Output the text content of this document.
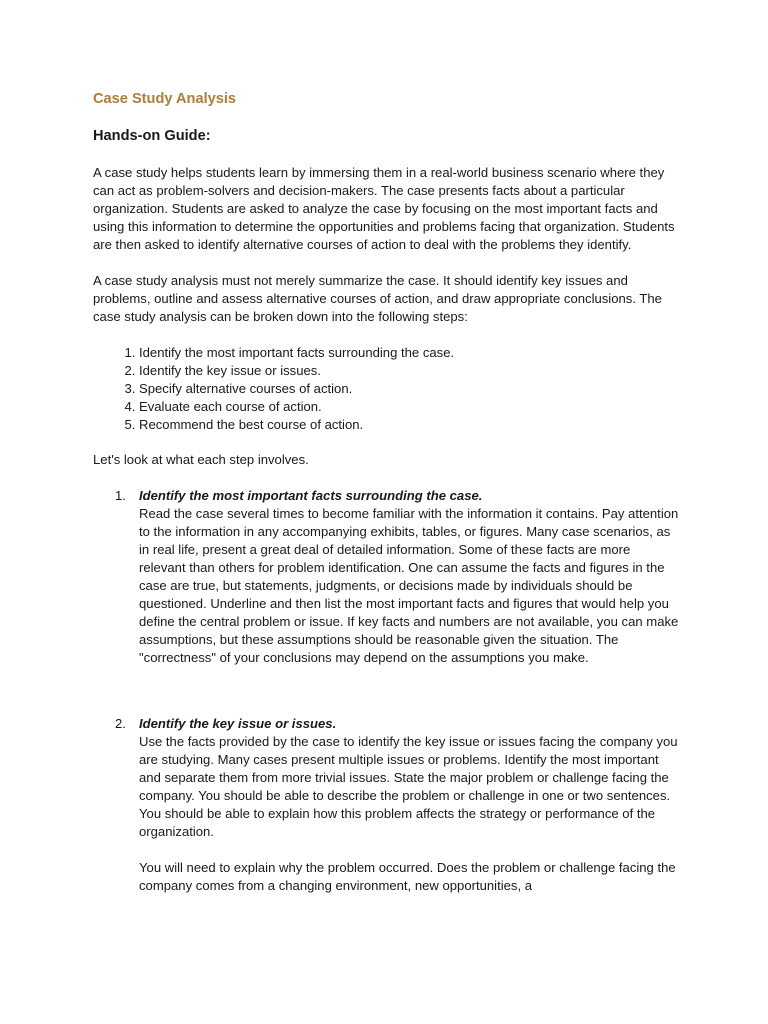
Case Study Analysis
Hands-on Guide:

A case study helps students learn by immersing them in a real-world business scenario where they can act as problem-solvers and decision-makers. The case presents facts about a particular organization. Students are asked to analyze the case by focusing on the most important facts and using this information to determine the opportunities and problems facing that organization. Students are then asked to identify alternative courses of action to deal with the problems they identify.

A case study analysis must not merely summarize the case. It should identify key issues and problems, outline and assess alternative courses of action, and draw appropriate conclusions. The case study analysis can be broken down into the following steps:

1. Identify the most important facts surrounding the case.
2. Identify the key issue or issues.
3. Specify alternative courses of action.
4. Evaluate each course of action.
5. Recommend the best course of action.

Let's look at what each step involves.

1. Identify the most important facts surrounding the case.

Read the case several times to become familiar with the information it contains. Pay attention to the information in any accompanying exhibits, tables, or figures. Many case scenarios, as in real life, present a great deal of detailed information. Some of these facts are more relevant than others for problem identification. One can assume the facts and figures in the case are true, but statements, judgments, or decisions made by individuals should be questioned. Underline and then list the most important facts and figures that would help you define the central problem or issue. If key facts and numbers are not available, you can make assumptions, but these assumptions should be reasonable given the situation. The "correctness" of your conclusions may depend on the assumptions you make.

2. Identify the key issue or issues.

Use the facts provided by the case to identify the key issue or issues facing the company you are studying. Many cases present multiple issues or problems. Identify the most important and separate them from more trivial issues. State the major problem or challenge facing the company. You should be able to describe the problem or challenge in one or two sentences. You should be able to explain how this problem affects the strategy or performance of the organization.

You will need to explain why the problem occurred. Does the problem or challenge facing the company comes from a changing environment, new opportunities, a
